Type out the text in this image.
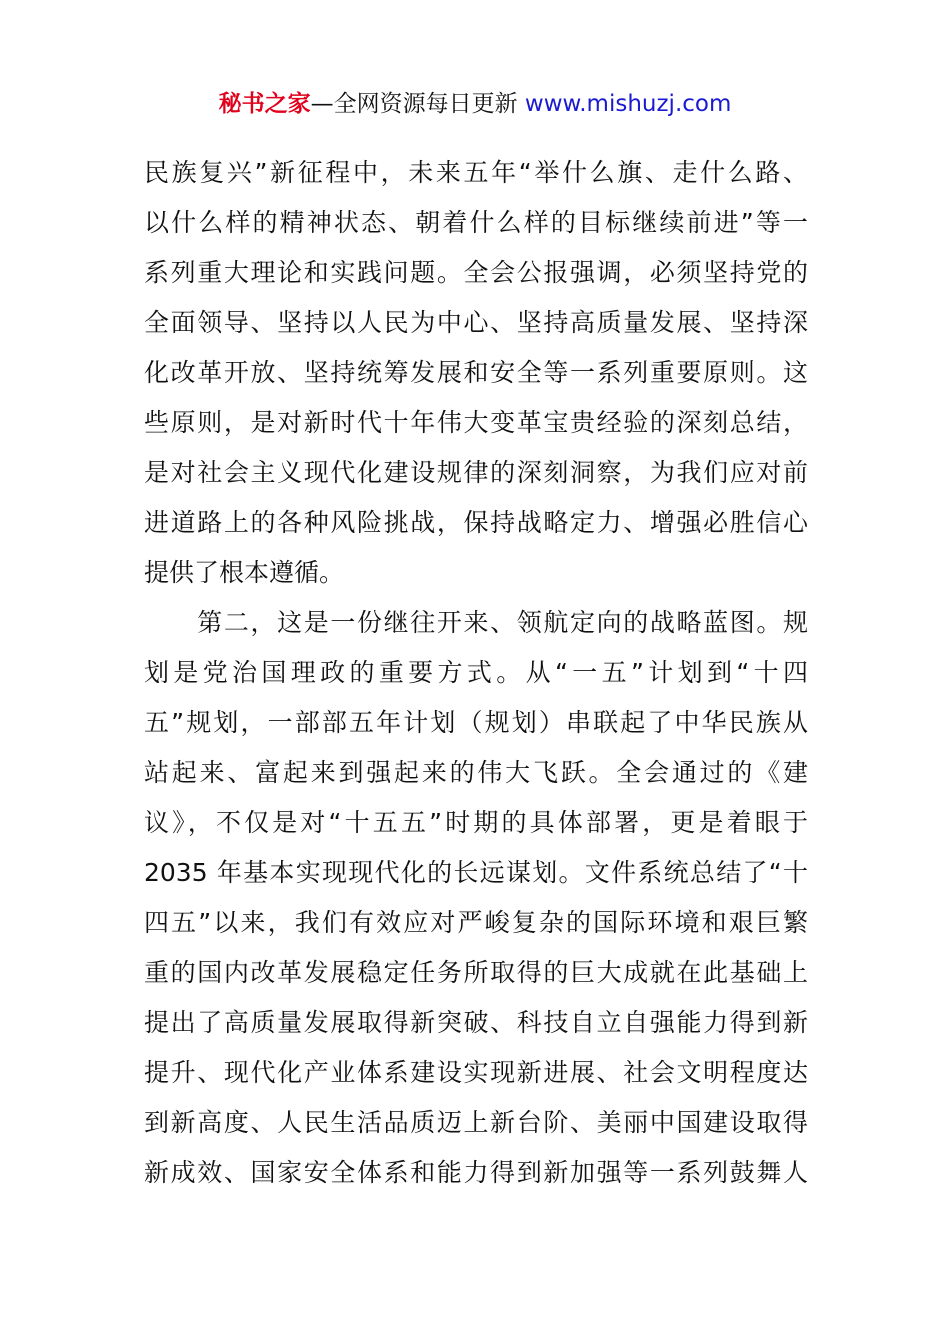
秘书之家—全网资源每日更新 www.mishuzj.com
民族复兴”新征程中，未来五年“举什么旗、走什么路、
以什么样的精神状态、朝着什么样的目标继续前进”等一
系列重大理论和实践问题。全会公报强调，必须坚持党的
全面领导、坚持以人民为中心、坚持高质量发展、坚持深
化改革开放、坚持统筹发展和安全等一系列重要原则。这
些原则，是对新时代十年伟大变革宝贵经验的深刻总结，
是对社会主义现代化建设规律的深刻洞察，为我们应对前
进道路上的各种风险挑战，保持战略定力、增强必胜信心
提供了根本遵循。
　　第二，这是一份继往开来、领航定向的战略蓝图。规
划是党治国理政的重要方式。从“一五”计划到“十四
五”规划，一部部五年计划（规划）串联起了中华民族从
站起来、富起来到强起来的伟大飞跃。全会通过的《建
议》，不仅是对“十五五”时期的具体部署，更是着眼于
2035 年基本实现现代化的长远谋划。文件系统总结了“十
四五”以来，我们有效应对严峻复杂的国际环境和艰巨繁
重的国内改革发展稳定任务所取得的巨大成就在此基础上
提出了高质量发展取得新突破、科技自立自强能力得到新
提升、现代化产业体系建设实现新进展、社会文明程度达
到新高度、人民生活品质迈上新台阶、美丽中国建设取得
新成效、国家安全体系和能力得到新加强等一系列鼓舞人
